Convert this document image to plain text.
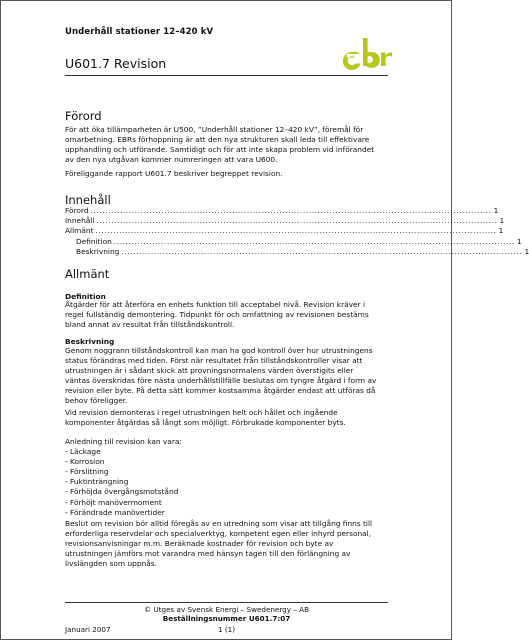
Underhåll stationer 12–420 kV
U601.7 Revision
Förord
För att öka tillämparheten är U500, ”Underhåll stationer 12–420 kV”, föremål för
omarbetning. EBRs förhoppning är att den nya strukturen skall leda till effektivare
upphandling och utförande. Samtidigt och för att inte skapa problem vid införandet
av den nya utgåvan kommer numreringen att vara U600.
Föreliggande rapport U601.7 beskriver begreppet revision.
Innehåll
Förord ........................................................................................................................................ 1
Innehåll ........................................................................................................................................ 1
Allmänt ........................................................................................................................................ 1
Definition ........................................................................................................................................ 1
Beskrivning ........................................................................................................................................ 1
Allmänt
Definition
Åtgärder för att återföra en enhets funktion till acceptabel nivå. Revision kräver i
regel fullständig demontering. Tidpunkt för och omfattning av revisionen bestäms
bland annat av resultat från tillståndskontroll.
Beskrivning
Genom noggrann tillståndskontroll kan man ha god kontroll över hur utrustningens
status förändras med tiden. Först när resultatet från tillståndskontroller visar att
utrustningen är i sådant skick att provningsnormalens värden överstigits eller
väntas överskridas före nästa underhållstillfälle beslutas om tyngre åtgärd i form av
revision eller byte. På detta sätt kommer kostsamma åtgärder endast att utföras då
behov föreligger.
Vid revision demonteras i regel utrustningen helt och hållet och ingående
komponenter åtgärdas så långt som möjligt. Förbrukade komponenter byts.
Anledning till revision kan vara:
- Läckage
- Korrosion
- Förslitning
- Fuktinträngning
- Förhöjda övergångsmotstånd
- Förhöjt manövermoment
- Förändrade manövertider
Beslut om revision bör alltid föregås av en utredning som visar att tillgång finns till
erforderliga reservdelar och specialverktyg, kompetent egen eller inhyrd personal,
revisionsanvisningar m.m. Beräknade kostnader för revision och byte av
utrustningen jämförs mot varandra med hänsyn tagen till den förlängning av
livslängden som uppnås.
© Utges av Svensk Energi – Swedenergy – AB
Beställningsnummer U601.7:07
Januari 2007	1 (1)
